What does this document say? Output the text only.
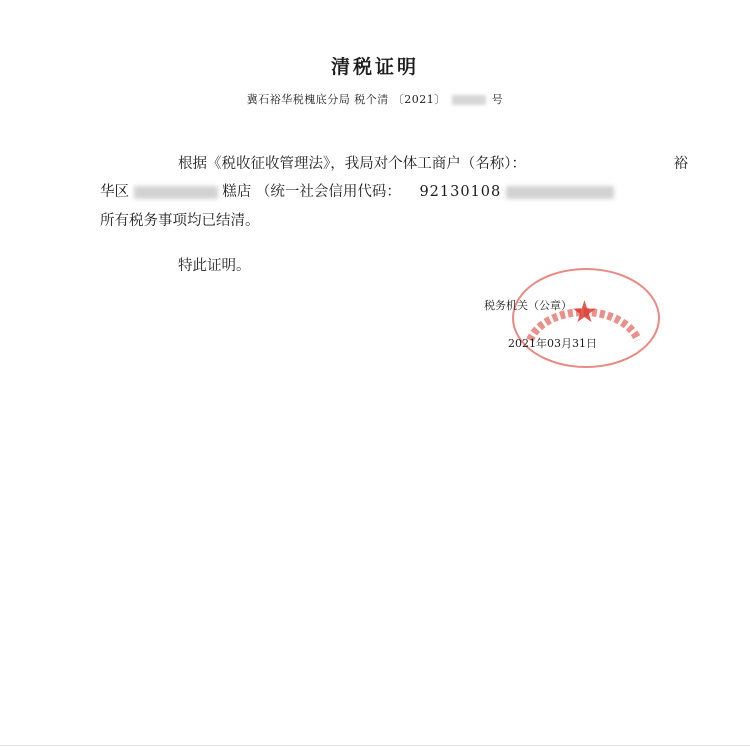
清税证明
冀石裕华税槐底分局 税个清 〔2021〕	号
根据《税收征收管理法》，我局对个体工商户（名称）：	裕
华区	糕店 （统一社会信用代码： 92130108
所有税务事项均已结清。
特此证明。
★
税务机关（公章）
2021年03月31日
